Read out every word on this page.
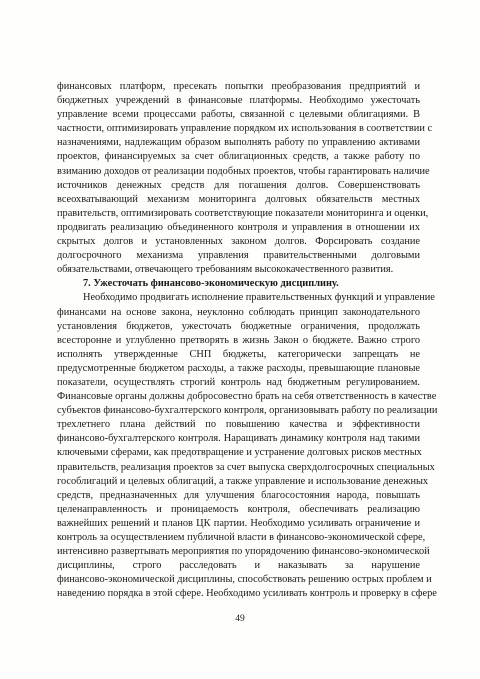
финансовых платформ, пресекать попытки преобразования предприятий и
бюджетных учреждений в финансовые платформы. Необходимо ужесточать
управление всеми процессами работы, связанной с целевыми облигациями. В
частности, оптимизировать управление порядком их использования в соответствии с
назначениями, надлежащим образом выполнять работу по управлению активами
проектов, финансируемых за счет облигационных средств, а также работу по
взиманию доходов от реализации подобных проектов, чтобы гарантировать наличие
источников денежных средств для погашения долгов. Совершенствовать
всеохватывающий механизм мониторинга долговых обязательств местных
правительств, оптимизировать соответствующие показатели мониторинга и оценки,
продвигать реализацию объединенного контроля и управления в отношении их
скрытых долгов и установленных законом долгов. Форсировать создание
долгосрочного механизма управления правительственными долговыми
обязательствами, отвечающего требованиям высококачественного развития.
7. Ужесточать финансово-экономическую дисциплину.
Необходимо продвигать исполнение правительственных функций и управление
финансами на основе закона, неуклонно соблюдать принцип законодательного
установления бюджетов, ужесточать бюджетные ограничения, продолжать
всесторонне и углубленно претворять в жизнь Закон о бюджете. Важно строго
исполнять утвержденные СНП бюджеты, категорически запрещать не
предусмотренные бюджетом расходы, а также расходы, превышающие плановые
показатели, осуществлять строгий контроль над бюджетным регулированием.
Финансовые органы должны добросовестно брать на себя ответственность в качестве
субъектов финансово-бухгалтерского контроля, организовывать работу по реализации
трехлетнего плана действий по повышению качества и эффективности
финансово-бухгалтерского контроля. Наращивать динамику контроля над такими
ключевыми сферами, как предотвращение и устранение долговых рисков местных
правительств, реализация проектов за счет выпуска сверхдолгосрочных специальных
гособлигаций и целевых облигаций, а также управление и использование денежных
средств, предназначенных для улучшения благосостояния народа, повышать
целенаправленность и проницаемость контроля, обеспечивать реализацию
важнейших решений и планов ЦК партии. Необходимо усиливать ограничение и
контроль за осуществлением публичной власти в финансово-экономической сфере,
интенсивно развертывать мероприятия по упорядочению финансово-экономической
дисциплины, строго расследовать и наказывать за нарушение
финансово-экономической дисциплины, способствовать решению острых проблем и
наведению порядка в этой сфере. Необходимо усиливать контроль и проверку в сфере
49
